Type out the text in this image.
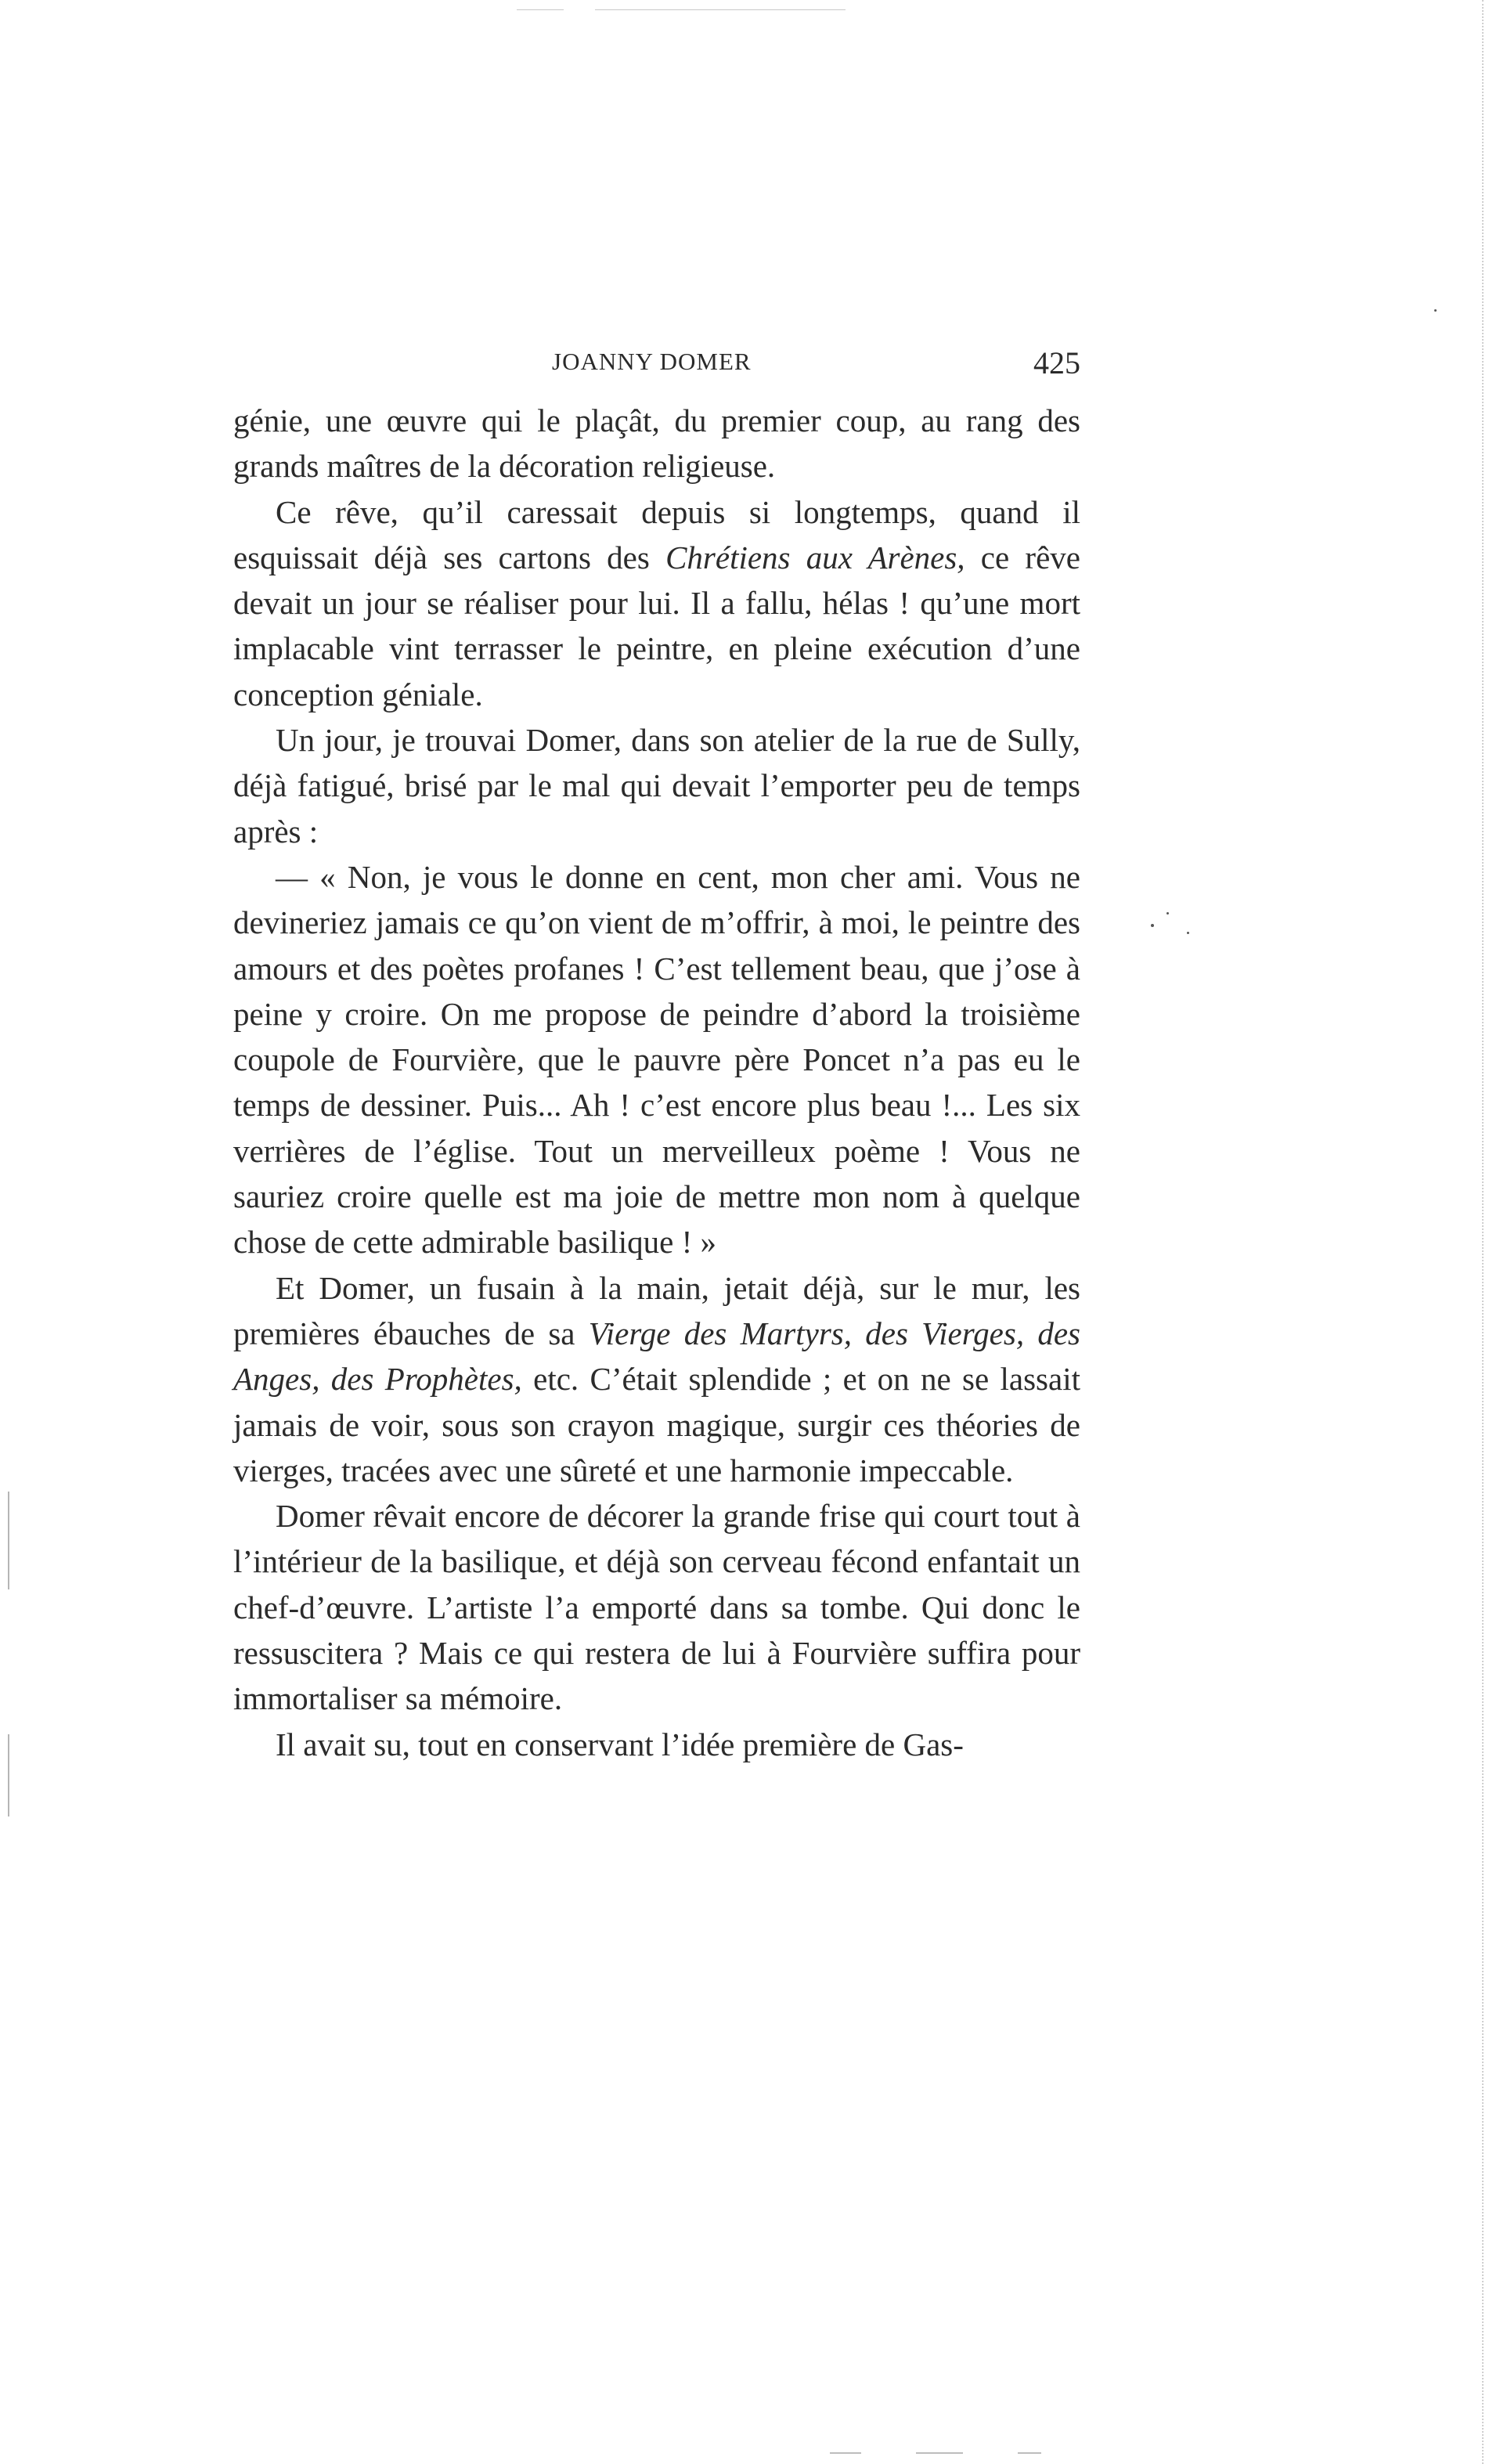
JOANNY DOMER	425

génie, une œuvre qui le plaçât, du premier coup, au rang des grands maîtres de la décoration religieuse.

Ce rêve, qu’il caressait depuis si longtemps, quand il esquissait déjà ses cartons des Chrétiens aux Arènes, ce rêve devait un jour se réaliser pour lui. Il a fallu, hélas ! qu’une mort implacable vint terrasser le peintre, en pleine exécution d’une conception géniale.

Un jour, je trouvai Domer, dans son atelier de la rue de Sully, déjà fatigué, brisé par le mal qui devait l’emporter peu de temps après :

— « Non, je vous le donne en cent, mon cher ami. Vous ne devineriez jamais ce qu’on vient de m’offrir, à moi, le peintre des amours et des poètes profanes ! C’est tellement beau, que j’ose à peine y croire. On me propose de peindre d’abord la troisième coupole de Fourvière, que le pauvre père Poncet n’a pas eu le temps de dessiner. Puis... Ah ! c’est encore plus beau !... Les six verrières de l’église. Tout un merveilleux poème ! Vous ne sauriez croire quelle est ma joie de mettre mon nom à quelque chose de cette admirable basilique ! »

Et Domer, un fusain à la main, jetait déjà, sur le mur, les premières ébauches de sa Vierge des Martyrs, des Vierges, des Anges, des Prophètes, etc. C’était splendide ; et on ne se lassait jamais de voir, sous son crayon magique, surgir ces théories de vierges, tracées avec une sûreté et une harmonie impeccable.

Domer rêvait encore de décorer la grande frise qui court tout à l’intérieur de la basilique, et déjà son cerveau fécond enfantait un chef-d’œuvre. L’artiste l’a emporté dans sa tombe. Qui donc le ressuscitera ? Mais ce qui restera de lui à Fourvière suffira pour immortaliser sa mémoire.

Il avait su, tout en conservant l’idée première de Gas-
